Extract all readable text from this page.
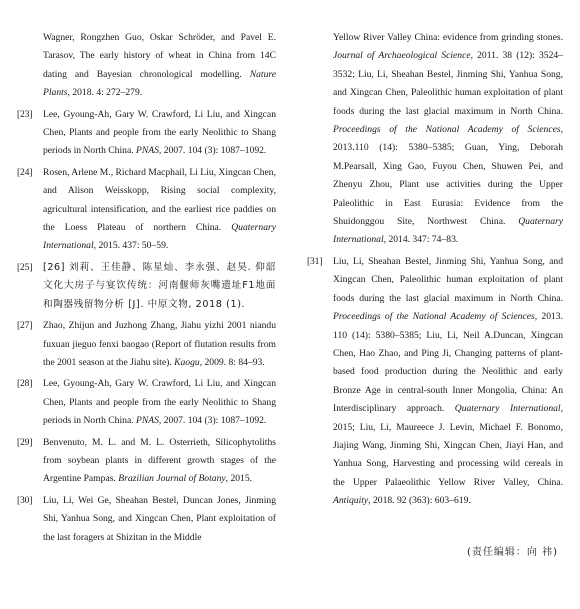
Wagner, Rongzhen Guo, Oskar Schröder, and Pavel E. Tarasov, The early history of wheat in China from 14C dating and Bayesian chronological modelling. Nature Plants, 2018. 4: 272–279.
[23]	Lee, Gyoung-Ah, Gary W. Crawford, Li Liu, and Xingcan Chen, Plants and people from the early Neolithic to Shang periods in North China. PNAS, 2007. 104 (3): 1087–1092.
[24]	Rosen, Arlene M., Richard Macphail, Li Liu, Xingcan Chen, and Alison Weisskopp, Rising social complexity, agricultural intensification, and the earliest rice paddies on the Loess Plateau of northern China. Quaternary International, 2015. 437: 50–59.
[25]	[26] 刘莉、王佳静、陈星灿、李永强、赵昊. 仰韶文化大房子与宴饮传统：河南偃师灰嘴遗址F1地面和陶器残留物分析 [J]. 中原文物, 2018 (1).
[27]	Zhao, Zhijun and Juzhong Zhang, Jiahu yizhi 2001 niandu fuxuan jieguo fenxi baogao (Report of flutation results from the 2001 season at the Jiahu site). Kaogu, 2009. 8: 84–93.
[28]	Lee, Gyoung-Ah, Gary W. Crawford, Li Liu, and Xingcan Chen, Plants and people from the early Neolithic to Shang periods in North China. PNAS, 2007. 104 (3): 1087–1092.
[29]	Benvenuto, M. L. and M. L. Osterrieth, Silicophytoliths from soybean plants in different growth stages of the Argentine Pampas. Brazilian Journal of Botany, 2015.
[30]	Liu, Li, Wei Ge, Sheahan Bestel, Duncan Jones, Jinming Shi, Yanhua Song, and Xingcan Chen, Plant exploitation of the last foragers at Shizitan in the Middle
Yellow River Valley China: evidence from grinding stones. Journal of Archaeological Science, 2011. 38 (12): 3524–3532; Liu, Li, Sheahan Bestel, Jinming Shi, Yanhua Song, and Xingcan Chen, Paleolithic human exploitation of plant foods during the last glacial maximum in North China. Proceedings of the National Academy of Sciences, 2013.110 (14): 5380–5385; Guan, Ying, Deborah M.Pearsall, Xing Gao, Fuyou Chen, Shuwen Pei, and Zhenyu Zhou, Plant use activities during the Upper Paleolithic in East Eurasia: Evidence from the Shuidonggou Site, Northwest China. Quaternary International, 2014. 347: 74–83.
[31]	Liu, Li, Sheahan Bestel, Jinming Shi, Yanhua Song, and Xingcan Chen, Paleolithic human exploitation of plant foods during the last glacial maximum in North China. Proceedings of the National Academy of Sciences, 2013. 110 (14): 5380–5385; Liu, Li, Neil A.Duncan, Xingcan Chen, Hao Zhao, and Ping Ji, Changing patterns of plant-based food production during the Neolithic and early Bronze Age in central-south Inner Mongolia, China: An Interdisciplinary approach. Quaternary International, 2015; Liu, Li, Maureece J. Levin, Michael F. Bonomo, Jiajing Wang, Jinming Shi, Xingcan Chen, Jiayi Han, and Yanhua Song, Harvesting and processing wild cereals in the Upper Palaeolithic Yellow River Valley, China. Antiquity, 2018. 92 (363): 603–619.
(责任编辑：向 祎)
